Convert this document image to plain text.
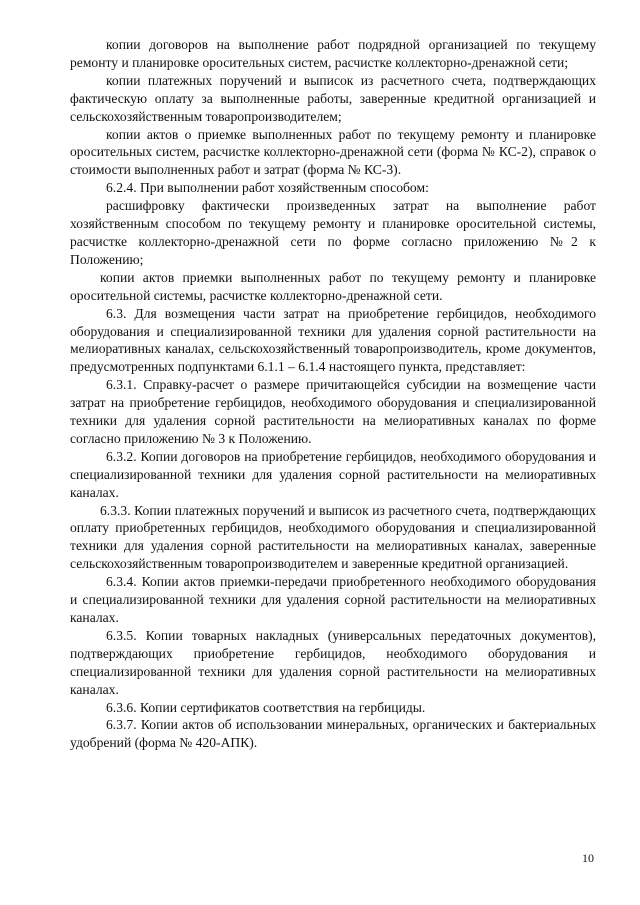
копии договоров на выполнение работ подрядной организацией по текущему ремонту и планировке оросительных систем, расчистке коллекторно-дренажной сети;

копии платежных поручений и выписок из расчетного счета, подтверждающих фактическую оплату за выполненные работы, заверенные кредитной организацией и сельскохозяйственным товаропроизводителем;

копии актов о приемке выполненных работ по текущему ремонту и планировке оросительных систем, расчистке коллекторно-дренажной сети (форма № КС-2), справок о стоимости выполненных работ и затрат (форма № КС-3).

6.2.4. При выполнении работ хозяйственным способом:

расшифровку фактически произведенных затрат на выполнение работ хозяйственным способом по текущему ремонту и планировке оросительной системы, расчистке коллекторно-дренажной сети по форме согласно приложению №2 к Положению;

копии актов приемки выполненных работ по текущему ремонту и планировке оросительной системы, расчистке коллекторно-дренажной сети.

6.3. Для возмещения части затрат на приобретение гербицидов, необходимого оборудования и специализированной техники для удаления сорной растительности на мелиоративных каналах, сельскохозяйственный товаропроизводитель, кроме документов, предусмотренных подпунктами 6.1.1 – 6.1.4 настоящего пункта, представляет:

6.3.1. Справку-расчет о размере причитающейся субсидии на возмещение части затрат на приобретение гербицидов, необходимого оборудования и специализированной техники для удаления сорной растительности на мелиоративных каналах по форме согласно приложению № 3 к Положению.

6.3.2. Копии договоров на приобретение гербицидов, необходимого оборудования и специализированной техники для удаления сорной растительности на мелиоративных каналах.

6.3.3. Копии платежных поручений и выписок из расчетного счета, подтверждающих оплату приобретенных гербицидов, необходимого оборудования и специализированной техники для удаления сорной растительности на мелиоративных каналах, заверенные сельскохозяйственным товаропроизводителем и заверенные кредитной организацией.

6.3.4. Копии актов приемки-передачи приобретенного необходимого оборудования и специализированной техники для удаления сорной растительности на мелиоративных каналах.

6.3.5. Копии товарных накладных (универсальных передаточных документов), подтверждающих приобретение гербицидов, необходимого оборудования и специализированной техники для удаления сорной растительности на мелиоративных каналах.

6.3.6. Копии сертификатов соответствия на гербициды.

6.3.7. Копии актов об использовании минеральных, органических и бактериальных удобрений (форма № 420-АПК).

10
